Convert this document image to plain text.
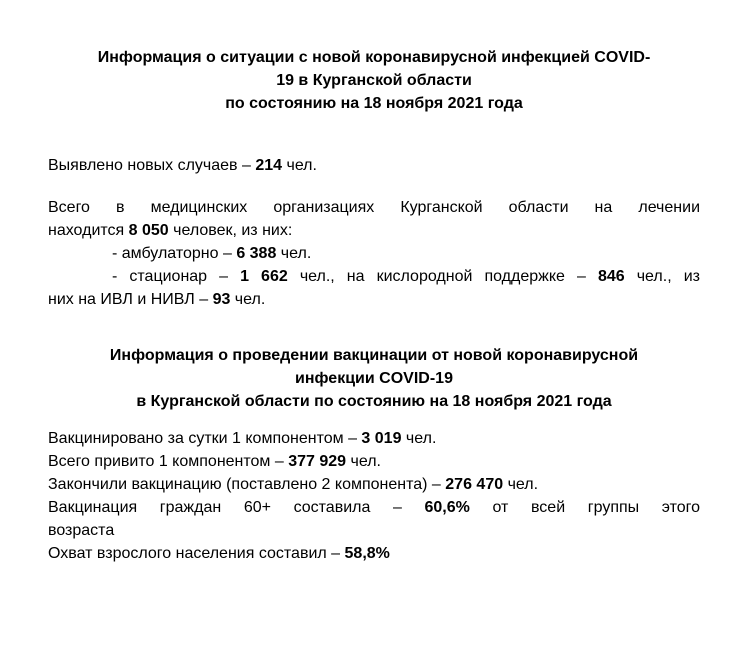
Информация о ситуации с новой коронавирусной инфекцией COVID-
19 в Курганской области
по состоянию на 18 ноября 2021 года
Выявлено новых случаев – 214 чел.
Всего в медицинских организациях Курганской области на лечении
находится 8 050 человек, из них:
- амбулаторно – 6 388 чел.
- стационар – 1 662 чел., на кислородной поддержке – 846 чел., из
них на ИВЛ и НИВЛ – 93 чел.
Информация о проведении вакцинации от новой коронавирусной
инфекции COVID-19
в Курганской области по состоянию на 18 ноября 2021 года
Вакцинировано за сутки 1 компонентом – 3 019 чел.
Всего привито 1 компонентом – 377 929 чел.
Закончили вакцинацию (поставлено 2 компонента) – 276 470 чел.
Вакцинация граждан 60+ составила – 60,6% от всей группы этого
возраста
Охват взрослого населения составил – 58,8%
